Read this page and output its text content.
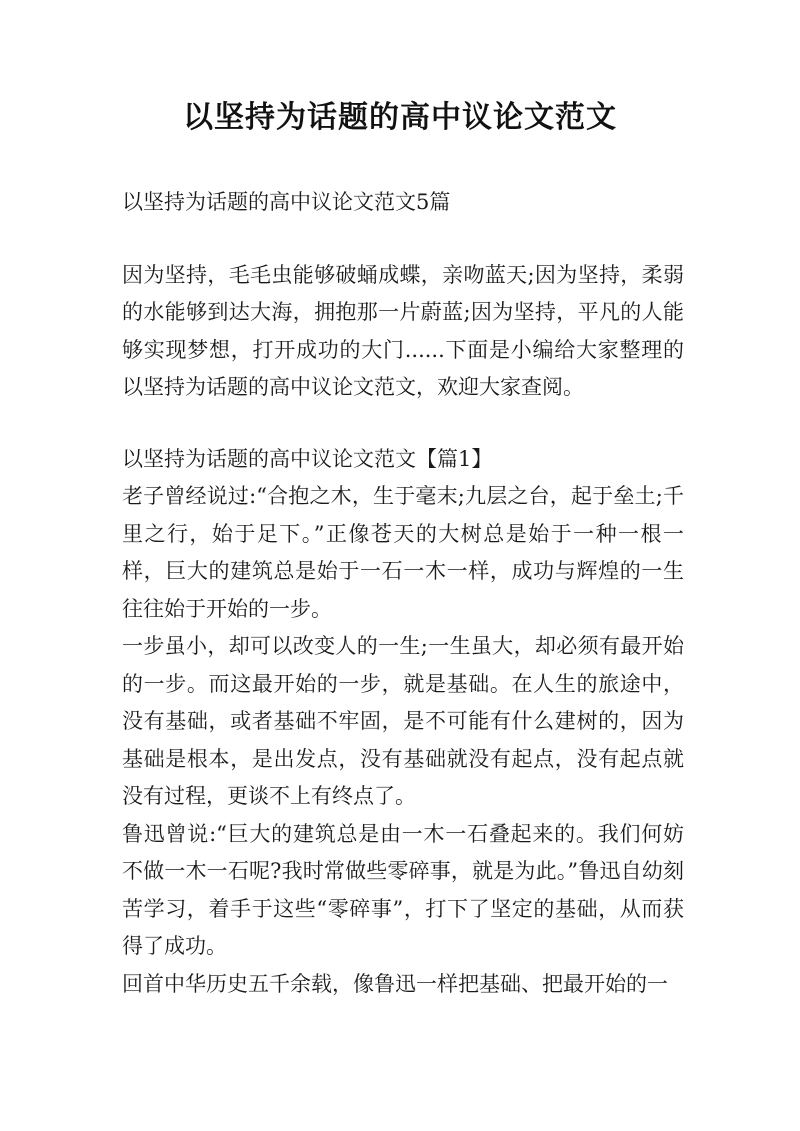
以坚持为话题的高中议论文范文

以坚持为话题的高中议论文范文5篇

因为坚持，毛毛虫能够破蛹成蝶，亲吻蓝天;因为坚持，柔弱的水能够到达大海，拥抱那一片蔚蓝;因为坚持，平凡的人能够实现梦想，打开成功的大门......下面是小编给大家整理的以坚持为话题的高中议论文范文，欢迎大家查阅。

以坚持为话题的高中议论文范文【篇1】

老子曾经说过:“合抱之木，生于毫末;九层之台，起于垒土;千里之行，始于足下。”正像苍天的大树总是始于一种一根一样，巨大的建筑总是始于一石一木一样，成功与辉煌的一生往往始于开始的一步。

一步虽小，却可以改变人的一生;一生虽大，却必须有最开始的一步。而这最开始的一步，就是基础。在人生的旅途中，没有基础，或者基础不牢固，是不可能有什么建树的，因为基础是根本，是出发点，没有基础就没有起点，没有起点就没有过程，更谈不上有终点了。

鲁迅曾说:“巨大的建筑总是由一木一石叠起来的。我们何妨不做一木一石呢?我时常做些零碎事，就是为此。”鲁迅自幼刻苦学习，着手于这些“零碎事”，打下了坚定的基础，从而获得了成功。

回首中华历史五千余载，像鲁迅一样把基础、把最开始的一
